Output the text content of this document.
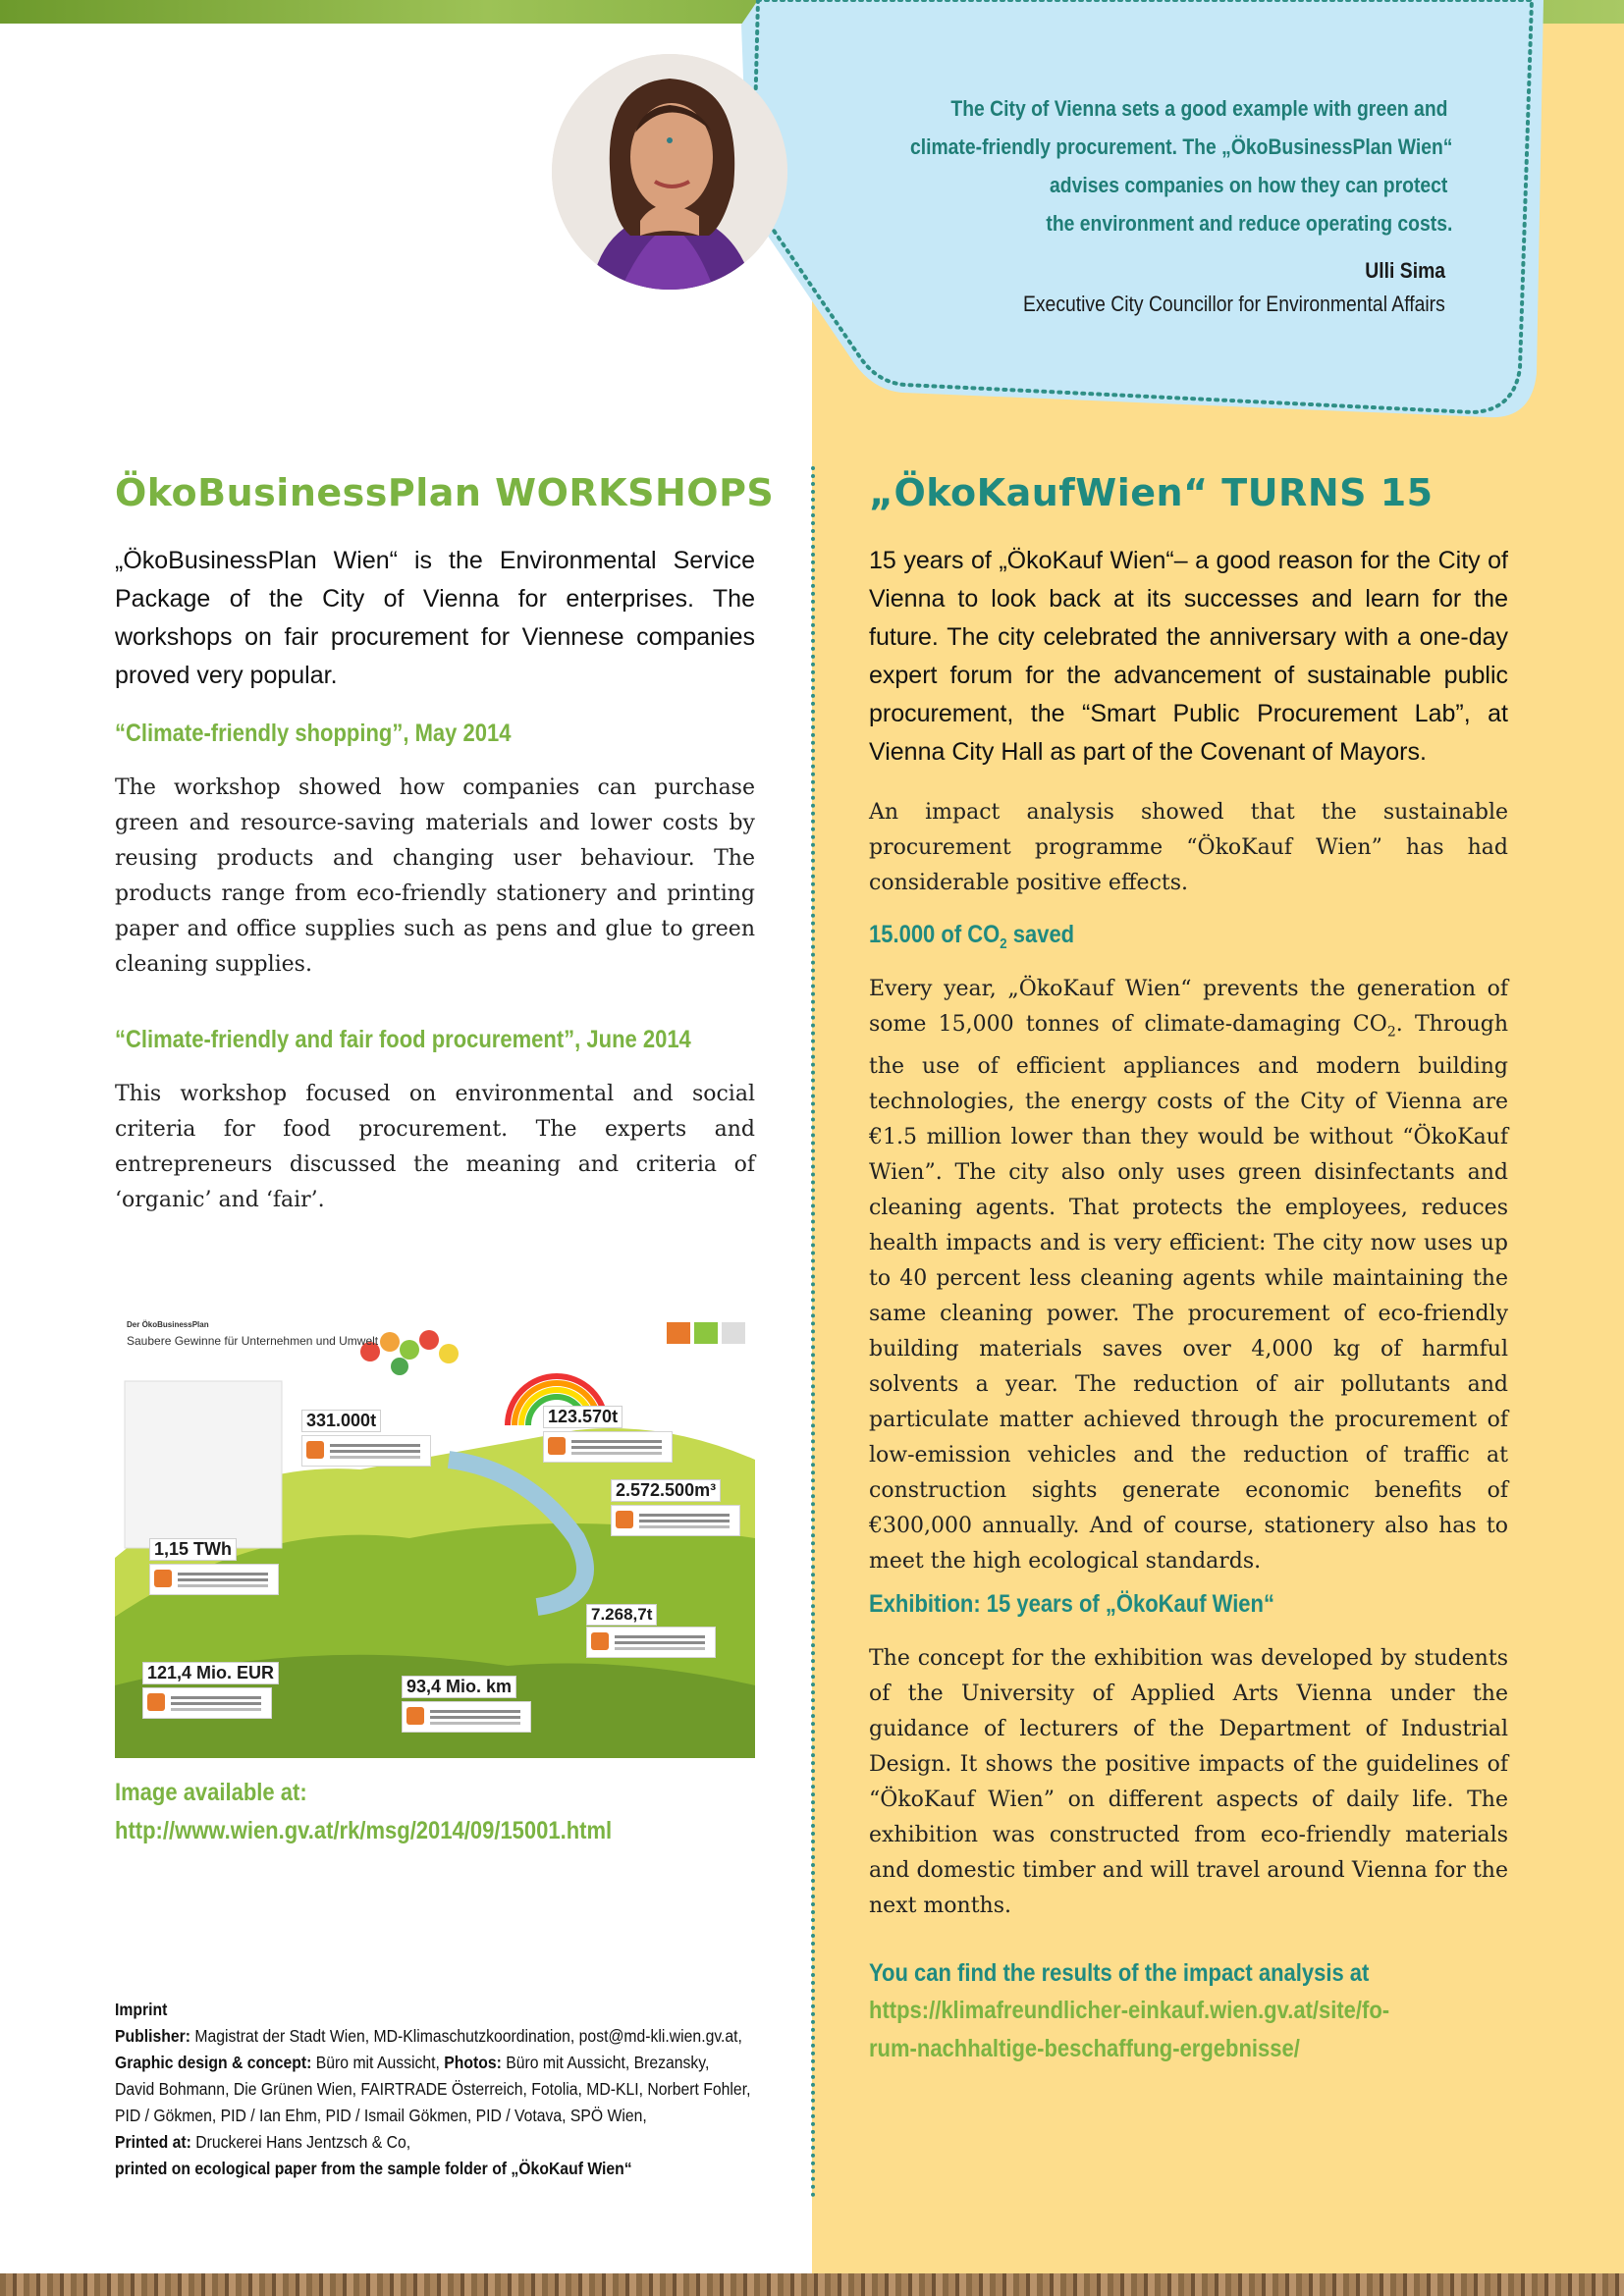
The City of Vienna sets a good example with green and
climate-friendly procurement. The „ÖkoBusinessPlan Wien“
advises companies on how they can protect
the environment and reduce operating costs.
Ulli Sima
Executive City Councillor for Environmental Affairs
ÖkoBusinessPlan WORKSHOPS
„ÖkoBusinessPlan Wien“ is the Environmental Service Package of the City of Vienna for enterprises. The workshops on fair procurement for Viennese companies proved very popular.
“Climate-friendly shopping”, May 2014
The workshop showed how companies can purchase green and resource-saving materials and lower costs by reusing products and changing user behaviour. The products range from eco-friendly stationery and printing paper and office supplies such as pens and glue to green cleaning supplies.
“Climate-friendly and fair food procurement”, June 2014
This workshop focused on environmental and social criteria for food procurement. The experts and entrepreneurs discussed the meaning and criteria of ‘organic’ and ‘fair’.
Der ÖkoBusinessPlan
Saubere Gewinne für Unternehmen und Umwelt
331.000t	123.570t
2.572.500m³
1,15 TWh
7.268,7t
121,4 Mio. EUR
93,4 Mio. km
Image available at:
http://www.wien.gv.at/rk/msg/2014/09/15001.html
Imprint
Publisher: Magistrat der Stadt Wien, MD-Klimaschutzkoordination, post@md-kli.wien.gv.at,
Graphic design & concept: Büro mit Aussicht, Photos: Büro mit Aussicht, Brezansky,
David Bohmann, Die Grünen Wien, FAIRTRADE Österreich, Fotolia, MD-KLI, Norbert Fohler,
PID / Gökmen, PID / Ian Ehm, PID / Ismail Gökmen, PID / Votava, SPÖ Wien,
Printed at: Druckerei Hans Jentzsch & Co,
printed on ecological paper from the sample folder of „ÖkoKauf Wien“
„ÖkoKaufWien“ TURNS 15
15 years of „ÖkoKauf Wien“– a good reason for the City of Vienna to look back at its successes and learn for the future. The city celebrated the anniversary with a one-day expert forum for the advancement of sustainable public procurement, the “Smart Public Procurement Lab”, at Vienna City Hall as part of the Covenant of Mayors.
An impact analysis showed that the sustainable procurement programme “ÖkoKauf Wien” has had considerable positive effects.
15.000 of $CO_2$ saved
Every year, „ÖkoKauf Wien“ prevents the generation of some 15,000 tonnes of climate-damaging $CO_2$. Through the use of efficient appliances and modern building technologies, the energy costs of the City of Vienna are €1.5 million lower than they would be without “ÖkoKauf Wien”. The city also only uses green disinfectants and cleaning agents. That protects the employees, reduces health impacts and is very efficient: The city now uses up to 40 percent less cleaning agents while maintaining the same cleaning power. The procurement of eco-friendly building materials saves over 4,000 kg of harmful solvents a year. The reduction of air pollutants and particulate matter achieved through the procurement of low-emission vehicles and the reduction of traffic at construction sights generate economic benefits of €300,000 annually. And of course, stationery also has to meet the high ecological standards.
Exhibition: 15 years of „ÖkoKauf Wien“
The concept for the exhibition was developed by students of the University of Applied Arts Vienna under the guidance of lecturers of the Department of Industrial Design. It shows the positive impacts of the guidelines of “ÖkoKauf Wien” on different aspects of daily life. The exhibition was constructed from eco-friendly materials and domestic timber and will travel around Vienna for the next months.
You can find the results of the impact analysis at
https://klimafreundlicher-einkauf.wien.gv.at/site/fo-
rum-nachhaltige-beschaffung-ergebnisse/
